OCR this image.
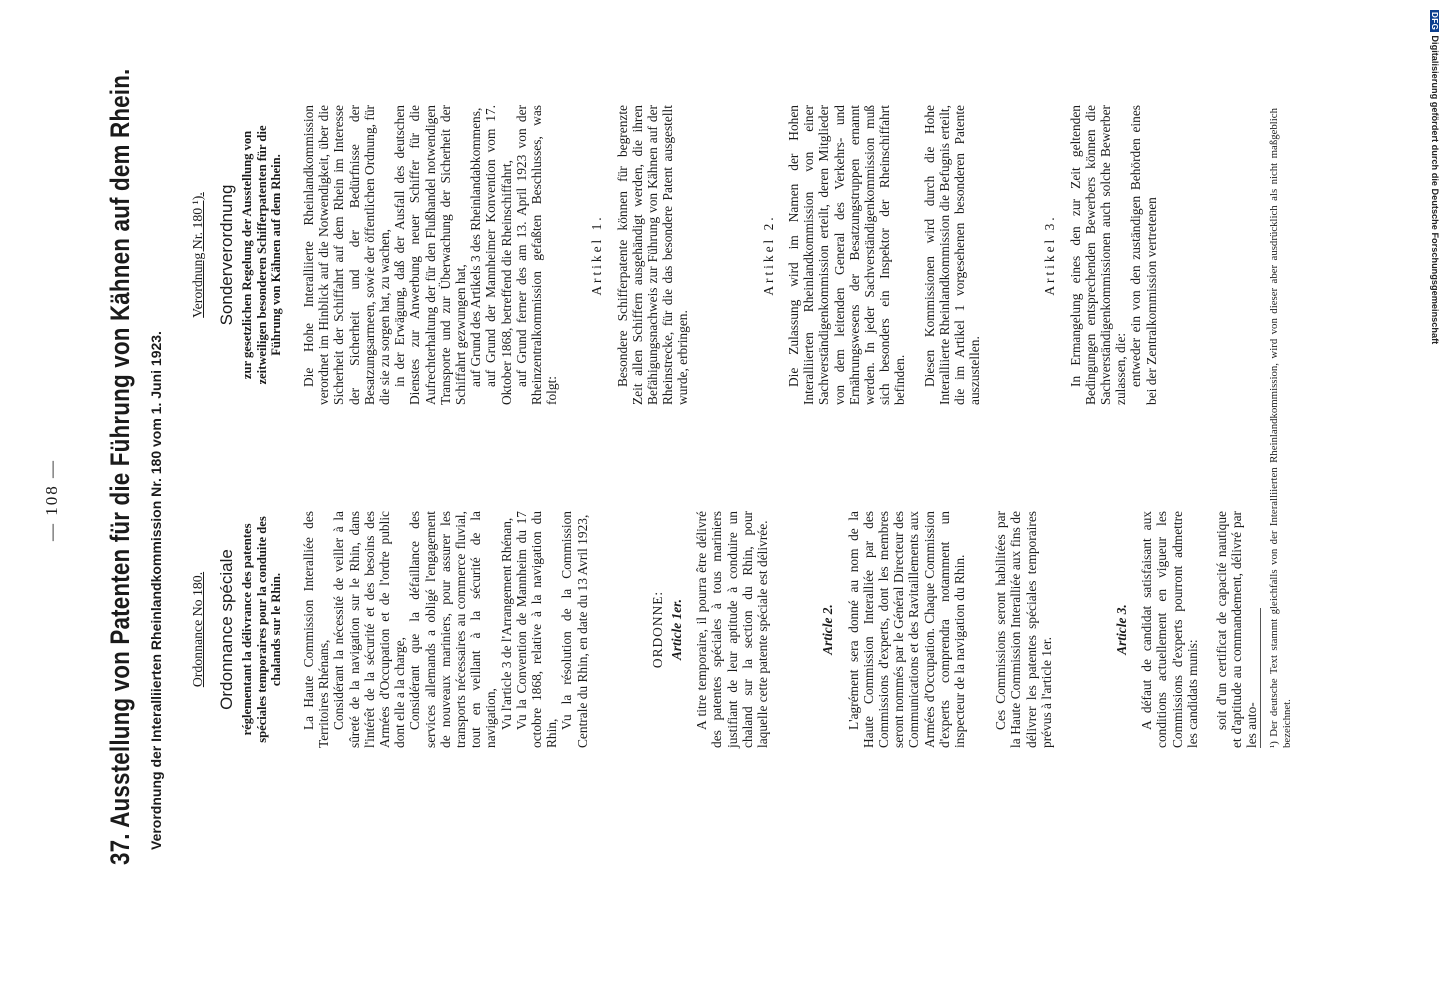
— 108 — 37. Ausstellung von Patenten für die Führung von Kähnen auf dem Rhein. Verordnung der Interalliierten Rheinlandkommission Nr. 180 vom 1. Juni 1923. Ordonnance No 180. Ordonnance spéciale réglementant la délivrance des patentes spéciales temporaires pour la conduite des chalands sur le Rhin. La Haute Commission Interalliée des Territoires Rhénans, Considérant la nécessité de veiller à la sûreté de la navigation sur le Rhin, dans l'intérêt de la sécurité et des besoins des Armées d'Occupation et de l'ordre public dont elle a la charge, Considérant que la défaillance des services allemands a obligé l'engagement de nouveaux mariniers, pour assurer les transports nécessaires au commerce fluvial, tout en veillant à la sécurité de la navigation, Vu l'article 3 de l'Arrangement Rhénan, Vu la Convention de Mannheim du 17 octobre 1868, relative à la navigation du Rhin,

Vu la résolution de la Commission Centrale du Rhin, en date du 13 Avril 1923,	ORDONNE: Article 1er. A titre temporaire, il pourra être délivré des patentes spéciales à tous mariniers justifiant de leur aptitude à conduire un chaland sur la section du Rhin, pour laquelle cette patente spéciale est délivrée.	Article 2. L'agrément sera donné au nom de la Haute Commission Interalliée par des Commissions d'experts, dont les membres seront nommés par le Général Directeur des Communications et des Ravitaillements aux Armées d'Occupation. Chaque Commission d'experts comprendra notamment un inspecteur de la navigation du Rhin. Ces Commissions seront habilitées par la Haute Commission Interalliée aux fins de délivrer les patentes spéciales temporaires prévus à l'article 1er.

Article 3. A défaut de candidat satisfaisant aux conditions actuellement en vigueur les Commissions d'experts pourront admettre les candidats munis: soit d'un certificat de capacité nautique et d'aptitude au commandement, délivré par les auto-

Verordnung Nr. 180 ¹). Sonderverordnung zur gesetzlichen Regelung der Ausstellung von zeitweiligen besonderen Schifferpatenten für die Führung von Kähnen auf dem Rhein. Die Hohe Interalliierte Rheinlandkommission verordnet im Hinblick auf die Notwendigkeit, über die Sicherheit der Schiffahrt auf dem Rhein im Interesse der Sicherheit und der Bedürfnisse der Besatzungsarmeen, sowie der öffentlichen Ordnung, für die sie zu sorgen hat, zu wachen, in der Erwägung, daß der Ausfall des deutschen Dienstes zur Anwerbung neuer Schiffer für die Aufrechterhaltung der für den Flußhandel notwendigen Transporte und zur Überwachung der Sicherheit der Schiffahrt gezwungen hat, auf Grund des Artikels 3 des Rheinlandabkommens, auf Grund der Mannheimer Konvention vom 17. Oktober 1868, betreffend die Rheinschiffahrt, auf Grund ferner des am 13. April 1923 von der Rheinzentralkommission gefaßten Beschlusses, was folgt:

Artikel 1. Besondere Schifferpatente können für begrenzte Zeit allen Schiffern ausgehändigt werden, die ihren Befähigungsnachweis zur Führung von Kähnen auf der Rheinstrecke, für die das besondere Patent ausgestellt wurde, erbringen.

Artikel 2. Die Zulassung wird im Namen der Hohen Interalliierten Rheinlandkommission von einer Sachverständigenkommission erteilt, deren Mitglieder von dem leitenden General des Verkehrs- und Ernährungswesens der Besatzungstruppen ernannt werden. In jeder Sachverständigenkommission muß sich besonders ein Inspektor der Rheinschiffahrt befinden. Diesen Kommissionen wird durch die Hohe Interalliierte Rheinlandkommission die Befugnis erteilt, die im Artikel 1 vorgesehenen besonderen Patente auszustellen.

Artikel 3. In Ermangelung eines den zur Zeit geltenden Bedingungen entsprechenden Bewerbers können die Sachverständigenkommissionen auch solche Bewerber zulassen, die: entweder ein von den zuständigen Behörden eines bei der Zentralkommission vertretenen	¹) Der deutsche Text stammt gleichfalls von der Interalliierten Rheinlandkommission, wird von dieser aber ausdrücklich als nicht maßgeblich bezeichnet.
DFGDigitalisierung gefördert durch die Deutsche Forschungsgemeinschaft
